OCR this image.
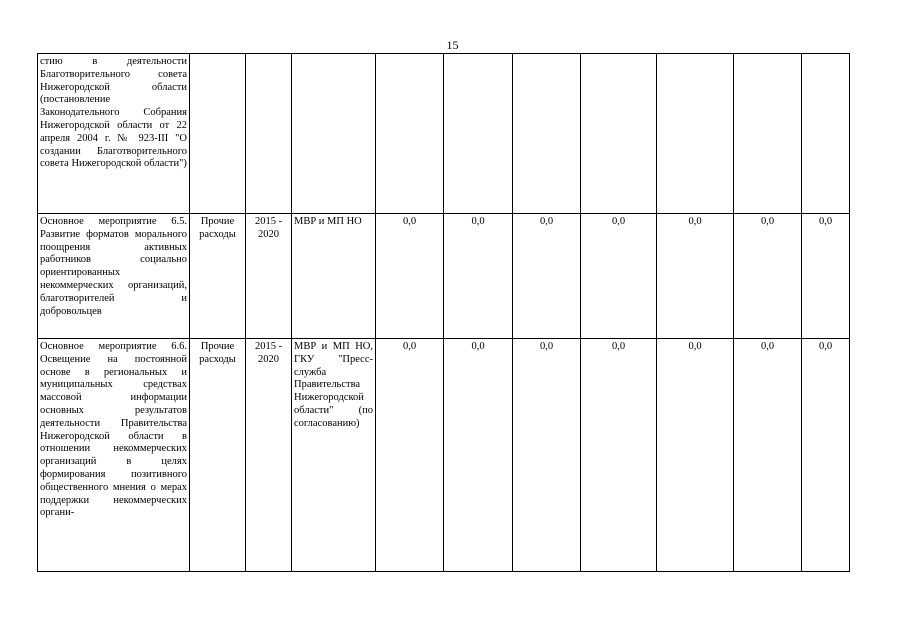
15
стию в деятельности Благотворительного совета Нижегородской области (постановление Законодательного Собрания Нижегородской области от 22 апреля 2004 г. № 923-III "О создании Благотворительного совета Нижегородской области")										

Основное мероприятие 6.5. Развитие форматов морального поощрения активных работников социально ориентированных некоммерческих организаций, благотворителей и добровольцев	Прочие расходы	2015 - 2020	МВР и МП НО	0,0	0,0	0,0	0,0	0,0	0,0	0,0

Основное мероприятие 6.6. Освещение на постоянной основе в региональных и муниципальных средствах массовой информации основных результатов деятельности Правительства Нижегородской области в отношении некоммерческих организаций в целях формирования позитивного общественного мнения о мерах поддержки некоммерческих органи-	Прочие расходы	2015 - 2020	МВР и МП НО, ГКУ "Пресс-служба Правительства Нижегородской области" (по согласованию)	0,0	0,0	0,0	0,0	0,0	0,0	0,0
